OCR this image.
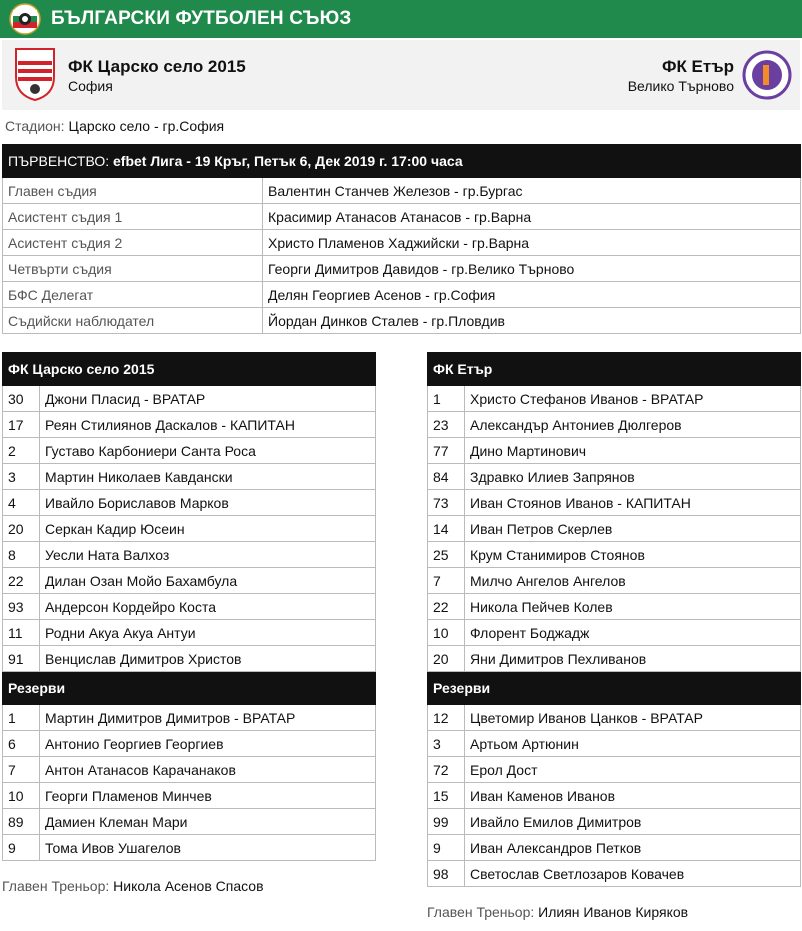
БЪЛГАРСКИ ФУТБОЛЕН СЪЮЗ
ФК Царско село 2015
София
ФК Етър
Велико Търново
Стадион: Царско село - гр.София
ПЪРВЕНСТВО: efbet Лига - 19 Кръг, Петък 6, Дек 2019 г. 17:00 часа	
Главен съдия	Валентин Станчев Железов - гр.Бургас
Асистент съдия 1	Красимир Атанасов Атанасов - гр.Варна
Асистент съдия 2	Христо Пламенов Хаджийски - гр.Варна
Четвърти съдия	Георги Димитров Давидов - гр.Велико Търново
БФС Делегат	Делян Георгиев Асенов - гр.София
Съдийски наблюдател	Йордан Динков Сталев - гр.Пловдив
ФК Царско село 2015	
30	Джони Пласид - ВРАТАР
17	Реян Стилиянов Даскалов - КАПИТАН
2	Густаво Карбониери Санта Роса
3	Мартин Николаев Кавдански
4	Ивайло Бориславов Марков
20	Серкан Кадир Юсеин
8	Уесли Ната Валхоз
22	Дилан Озан Мойо Бахамбула
93	Андерсон Кордейро Коста
11	Родни Акуа Акуа Антуи
91	Венцислав Димитров Христов
Резерви	
1	Мартин Димитров Димитров - ВРАТАР
6	Антонио Георгиев Георгиев
7	Антон Атанасов Карачанаков
10	Георги Пламенов Минчев
89	Дамиен Клеман Мари
9	Тома Ивов Ушагелов
Главен Треньор: Никола Асенов Спасов
ФК Етър	
1	Христо Стефанов Иванов - ВРАТАР
23	Александър Антониев Дюлгеров
77	Дино Мартинович
84	Здравко Илиев Запрянов
73	Иван Стоянов Иванов - КАПИТАН
14	Иван Петров Скерлев
25	Крум Станимиров Стоянов
7	Милчо Ангелов Ангелов
22	Никола Пейчев Колев
10	Флорент Боджадж
20	Яни Димитров Пехливанов
Резерви	
12	Цветомир Иванов Цанков - ВРАТАР
3	Артьом Артюнин
72	Ерол Дост
15	Иван Каменов Иванов
99	Ивайло Емилов Димитров
9	Иван Александров Петков
98	Светослав Светлозаров Ковачев
Главен Треньор: Илиян Иванов Киряков
